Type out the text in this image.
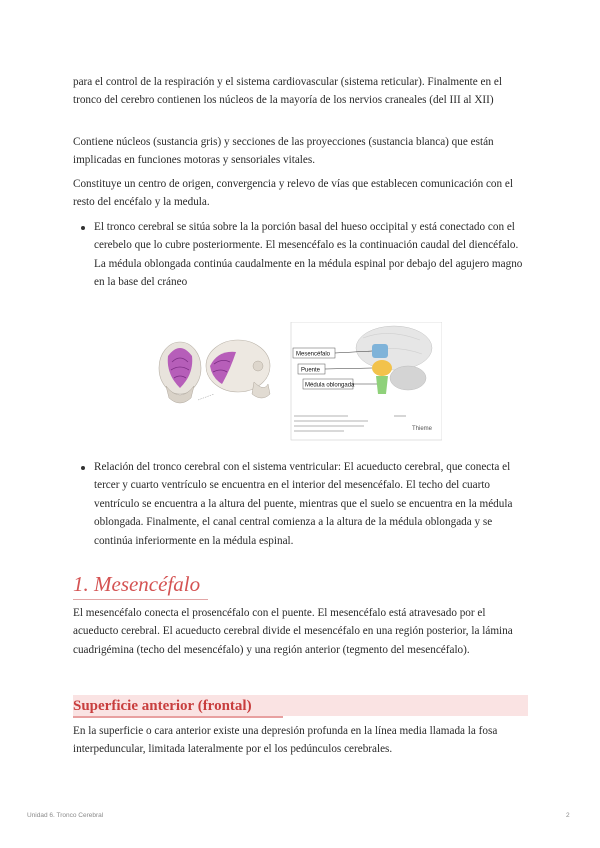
para el control de la respiración y el sistema cardiovascular (sistema reticular). Finalmente en el tronco del cerebro contienen los núcleos de la mayoría de los nervios craneales (del III al XII)
Contiene núcleos (sustancia gris) y secciones de las proyecciones (sustancia blanca) que están implicadas en funciones motoras y sensoriales vitales.
Constituye un centro de origen, convergencia y relevo de vías que establecen comunicación con el resto del encéfalo y la medula.
El tronco cerebral se sitúa sobre la la porción basal del hueso occipital y está conectado con el cerebelo que lo cubre posteriormente. El mesencéfalo es la continuación caudal del diencéfalo. La médula oblongada continúa caudalmente en la médula espinal por debajo del agujero magno en la base del cráneo
Mesencéfalo
Puente
Médula oblongada
Thieme
Relación del tronco cerebral con el sistema ventricular: El acueducto cerebral, que conecta el tercer y cuarto ventrículo se encuentra en el interior del mesencéfalo. El techo del cuarto ventrículo se encuentra a la altura del puente, mientras que el suelo se encuentra en la médula oblongada. Finalmente, el canal central comienza a la altura de la médula oblongada y se continúa inferiormente en la médula espinal.
1. Mesencéfalo
El mesencéfalo conecta el prosencéfalo con el puente. El mesencéfalo está atravesado por el acueducto cerebral. El acueducto cerebral divide el mesencéfalo en una región posterior, la lámina cuadrigémina (techo del mesencéfalo) y una región anterior (tegmento del mesencéfalo).
Superficie anterior (frontal)
En la superficie o cara anterior existe una depresión profunda en la línea media llamada la fosa interpeduncular, limitada lateralmente por el los pedúnculos cerebrales.
Unidad 6. Tronco Cerebral	2
